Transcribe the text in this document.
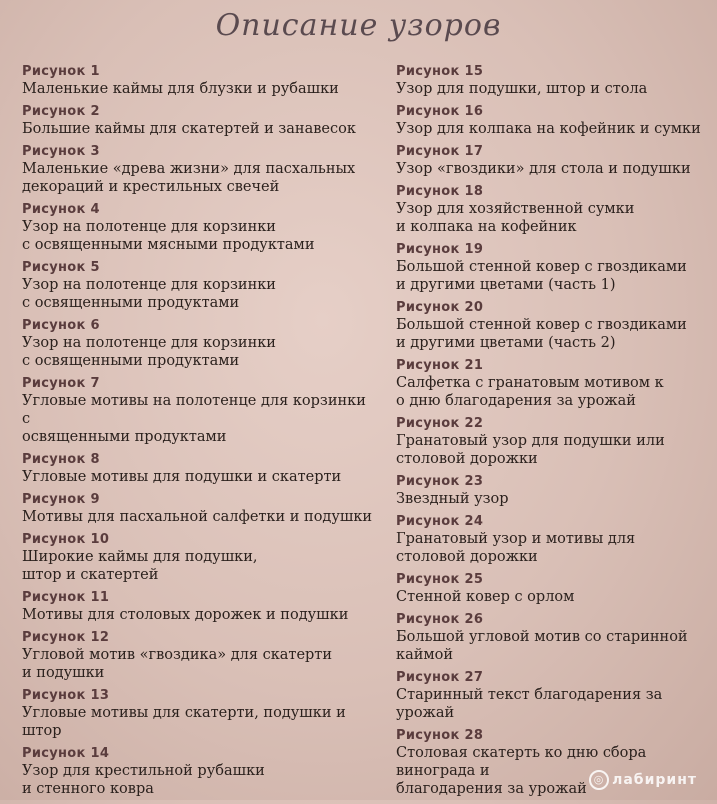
Описание узоров
Рисунок 1
Маленькие каймы для блузки и рубашки
Рисунок 2
Большие каймы для скатертей и занавесок
Рисунок 3
Маленькие «древа жизни» для пасхальных
декораций и крестильных свечей
Рисунок 4
Узор на полотенце для корзинки
с освященными мясными продуктами
Рисунок 5
Узор на полотенце для корзинки
с освященными продуктами
Рисунок 6
Узор на полотенце для корзинки
с освященными продуктами
Рисунок 7
Угловые мотивы на полотенце для корзинки с
освященными продуктами
Рисунок 8
Угловые мотивы для подушки и скатерти
Рисунок 9
Мотивы для пасхальной салфетки и подушки
Рисунок 10
Широкие каймы для подушки,
штор и скатертей
Рисунок 11
Мотивы для столовых дорожек и подушки
Рисунок 12
Угловой мотив «гвоздика» для скатерти
и подушки
Рисунок 13
Угловые мотивы для скатерти, подушки и штор
Рисунок 14
Узор для крестильной рубашки
и стенного ковра
Рисунок 15
Узор для подушки, штор и стола
Рисунок 16
Узор для колпака на кофейник и сумки
Рисунок 17
Узор «гвоздики» для стола и подушки
Рисунок 18
Узор для хозяйственной сумки
и колпака на кофейник
Рисунок 19
Большой стенной ковер с гвоздиками
и другими цветами (часть 1)
Рисунок 20
Большой стенной ковер с гвоздиками
и другими цветами (часть 2)
Рисунок 21
Салфетка с гранатовым мотивом к
о дню благодарения за урожай
Рисунок 22
Гранатовый узор для подушки или
столовой дорожки
Рисунок 23
Звездный узор
Рисунок 24
Гранатовый узор и мотивы для
столовой дорожки
Рисунок 25
Стенной ковер с орлом
Рисунок 26
Большой угловой мотив со старинной каймой
Рисунок 27
Старинный текст благодарения за урожай
Рисунок 28
Столовая скатерть ко дню сбора винограда и
благодарения за урожай
◎ лабиринт
